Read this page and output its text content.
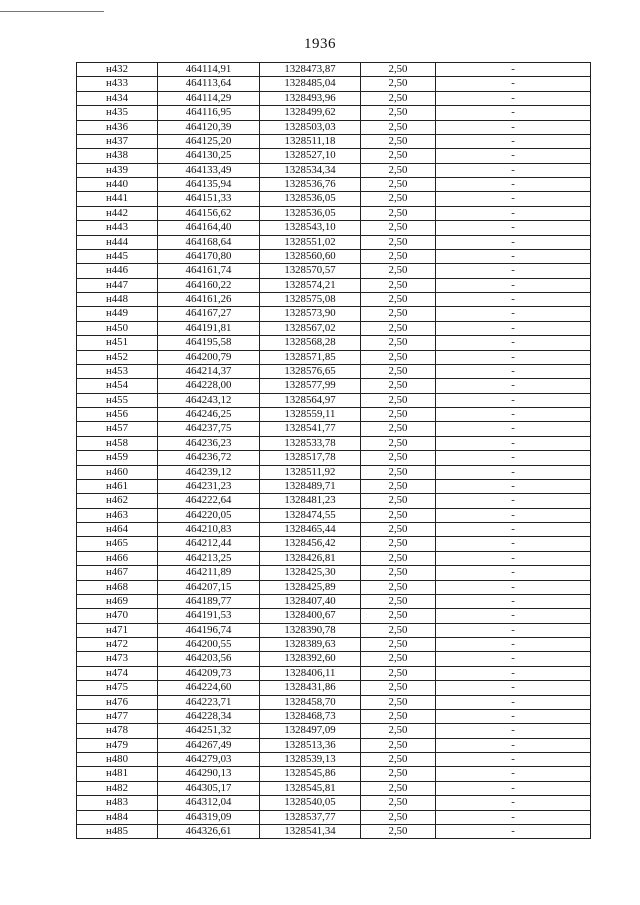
1936
н432	464114,91	1328473,87	2,50	-
н433	464113,64	1328485,04	2,50	-
н434	464114,29	1328493,96	2,50	-
н435	464116,95	1328499,62	2,50	-
н436	464120,39	1328503,03	2,50	-
н437	464125,20	1328511,18	2,50	-
н438	464130,25	1328527,10	2,50	-
н439	464133,49	1328534,34	2,50	-
н440	464135,94	1328536,76	2,50	-
н441	464151,33	1328536,05	2,50	-
н442	464156,62	1328536,05	2,50	-
н443	464164,40	1328543,10	2,50	-
н444	464168,64	1328551,02	2,50	-
н445	464170,80	1328560,60	2,50	-
н446	464161,74	1328570,57	2,50	-
н447	464160,22	1328574,21	2,50	-
н448	464161,26	1328575,08	2,50	-
н449	464167,27	1328573,90	2,50	-
н450	464191,81	1328567,02	2,50	-
н451	464195,58	1328568,28	2,50	-
н452	464200,79	1328571,85	2,50	-
н453	464214,37	1328576,65	2,50	-
н454	464228,00	1328577,99	2,50	-
н455	464243,12	1328564,97	2,50	-
н456	464246,25	1328559,11	2,50	-
н457	464237,75	1328541,77	2,50	-
н458	464236,23	1328533,78	2,50	-
н459	464236,72	1328517,78	2,50	-
н460	464239,12	1328511,92	2,50	-
н461	464231,23	1328489,71	2,50	-
н462	464222,64	1328481,23	2,50	-
н463	464220,05	1328474,55	2,50	-
н464	464210,83	1328465,44	2,50	-
н465	464212,44	1328456,42	2,50	-
н466	464213,25	1328426,81	2,50	-
н467	464211,89	1328425,30	2,50	-
н468	464207,15	1328425,89	2,50	-
н469	464189,77	1328407,40	2,50	-
н470	464191,53	1328400,67	2,50	-
н471	464196,74	1328390,78	2,50	-
н472	464200,55	1328389,63	2,50	-
н473	464203,56	1328392,60	2,50	-
н474	464209,73	1328406,11	2,50	-
н475	464224,60	1328431,86	2,50	-
н476	464223,71	1328458,70	2,50	-
н477	464228,34	1328468,73	2,50	-
н478	464251,32	1328497,09	2,50	-
н479	464267,49	1328513,36	2,50	-
н480	464279,03	1328539,13	2,50	-
н481	464290,13	1328545,86	2,50	-
н482	464305,17	1328545,81	2,50	-
н483	464312,04	1328540,05	2,50	-
н484	464319,09	1328537,77	2,50	-
н485	464326,61	1328541,34	2,50	-
